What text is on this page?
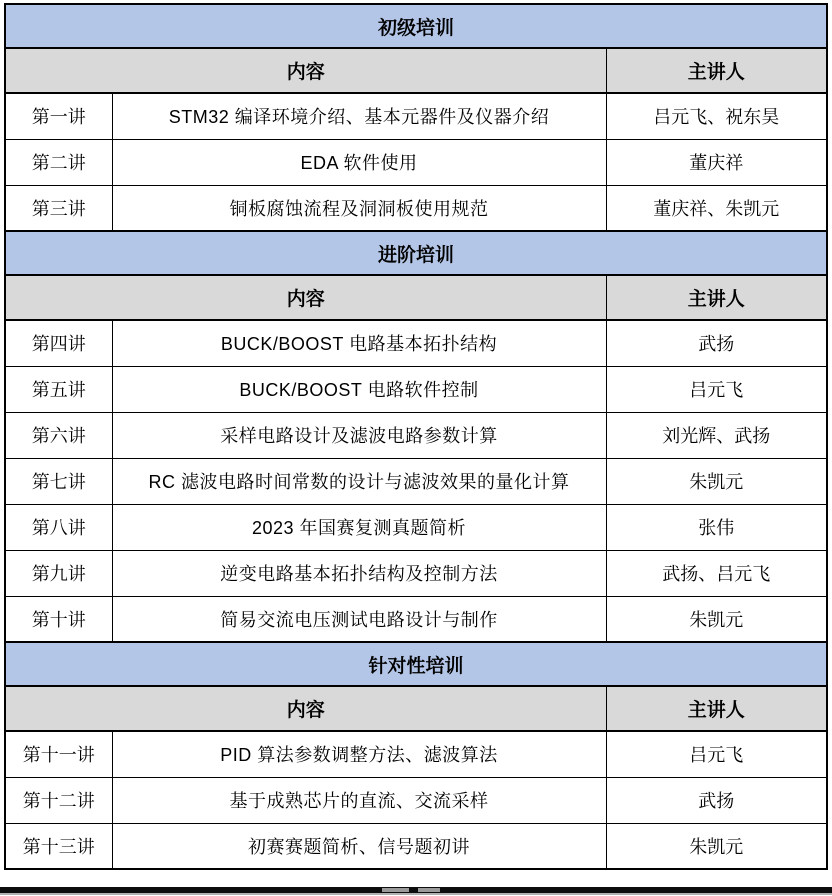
初级培训		
内容		主讲人
第一讲	STM32 编译环境介绍、基本元器件及仪器介绍	吕元飞、祝东昊
第二讲	EDA 软件使用	董庆祥
第三讲	铜板腐蚀流程及洞洞板使用规范	董庆祥、朱凯元
进阶培训		
内容		主讲人
第四讲	BUCK/BOOST 电路基本拓扑结构	武扬
第五讲	BUCK/BOOST 电路软件控制	吕元飞
第六讲	采样电路设计及滤波电路参数计算	刘光辉、武扬
第七讲	RC 滤波电路时间常数的设计与滤波效果的量化计算	朱凯元
第八讲	2023 年国赛复测真题简析	张伟
第九讲	逆变电路基本拓扑结构及控制方法	武扬、吕元飞
第十讲	简易交流电压测试电路设计与制作	朱凯元
针对性培训		
内容		主讲人
第十一讲	PID 算法参数调整方法、滤波算法	吕元飞
第十二讲	基于成熟芯片的直流、交流采样	武扬
第十三讲	初赛赛题简析、信号题初讲	朱凯元
